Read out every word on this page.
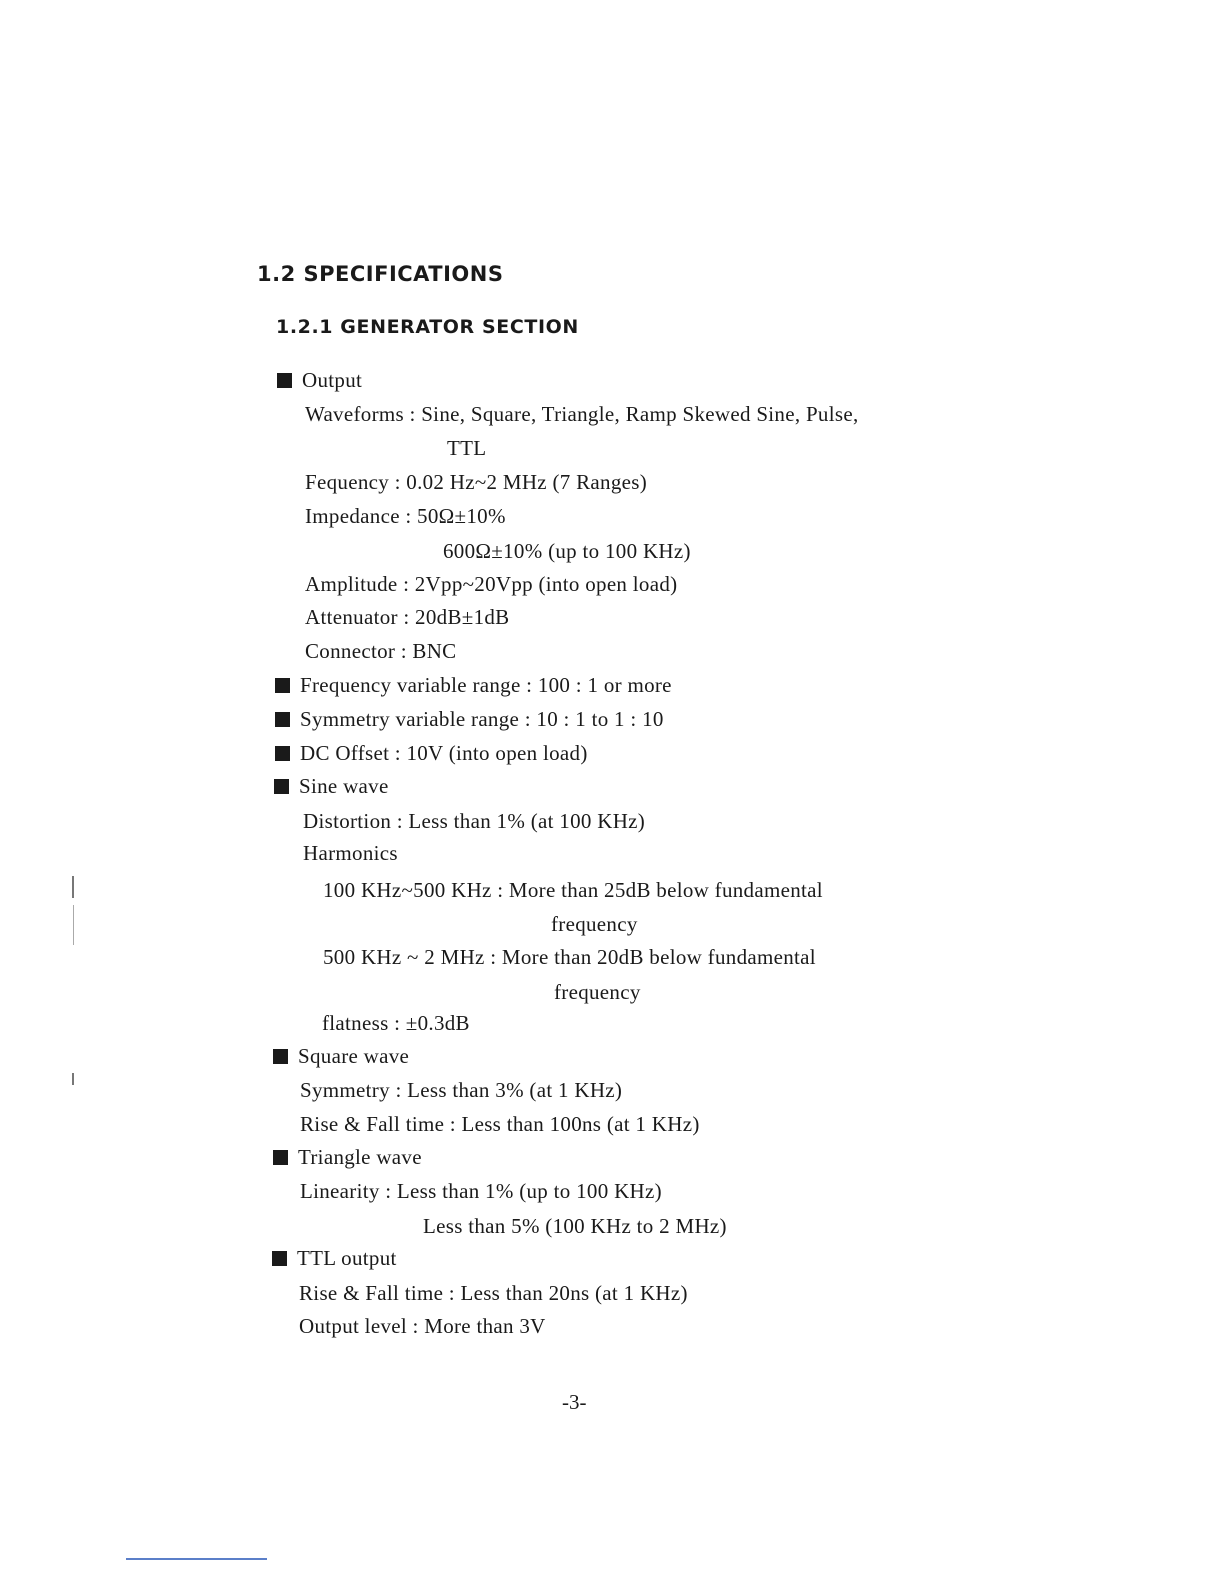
1.2 SPECIFICATIONS
1.2.1 GENERATOR SECTION
Output
Waveforms : Sine, Square, Triangle, Ramp Skewed Sine, Pulse,
TTL
Fequency : 0.02 Hz~2 MHz (7 Ranges)
Impedance : 50Ω±10%
600Ω±10% (up to 100 KHz)
Amplitude : 2Vpp~20Vpp (into open load)
Attenuator : 20dB±1dB
Connector : BNC
Frequency variable range : 100 : 1 or more
Symmetry variable range : 10 : 1 to 1 : 10
DC Offset : 10V (into open load)
Sine wave
Distortion : Less than 1% (at 100 KHz)
Harmonics
100 KHz~500 KHz : More than 25dB below fundamental
frequency
500 KHz ~ 2 MHz : More than 20dB below fundamental
frequency
flatness : ±0.3dB
Square wave
Symmetry : Less than 3% (at 1 KHz)
Rise & Fall time : Less than 100ns (at 1 KHz)
Triangle wave
Linearity : Less than 1% (up to 100 KHz)
Less than 5% (100 KHz to 2 MHz)
TTL output
Rise & Fall time : Less than 20ns (at 1 KHz)
Output level : More than 3V
-3-
